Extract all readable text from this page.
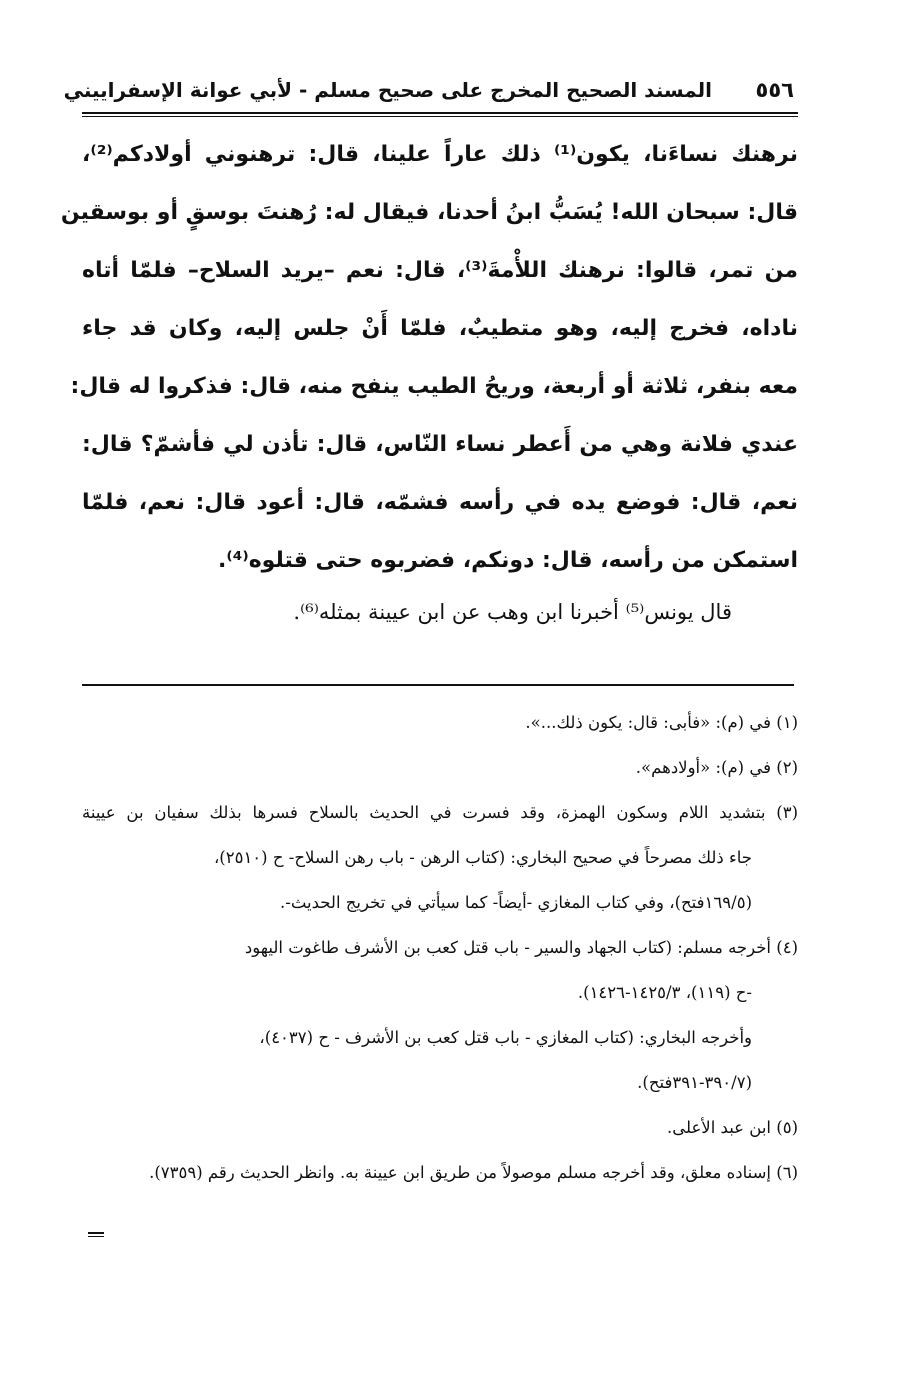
٥٥٦
المسند الصحيح المخرج على صحيح مسلم - لأبي عوانة الإسفراييني
نرهنك نساءَنا، يكون⁽¹⁾ ذلك عاراً علينا، قال: ترهنوني أولادكم⁽²⁾،
قال: سبحان الله! يُسَبُّ ابنُ أحدنا، فيقال له: رُهنتَ بوسقٍ أو بوسقين
من تمر، قالوا: نرهنك اللأْمةَ⁽³⁾، قال: نعم –يريد السلاح– فلمّا أتاه
ناداه، فخرج إليه، وهو متطيبٌ، فلمّا أَنْ جلس إليه، وكان قد جاء
معه بنفر، ثلاثة أو أربعة، وريحُ الطيب ينفح منه، قال: فذكروا له قال:
عندي فلانة وهي من أَعطر نساء النّاس، قال: تأذن لي فأشمّ؟ قال:
نعم، قال: فوضع يده في رأسه فشمّه، قال: أعود قال: نعم، فلمّا
استمكن من رأسه، قال: دونكم، فضربوه حتى قتلوه⁽⁴⁾.
قال يونس⁽⁵⁾ أخبرنا ابن وهب عن ابن عيينة بمثله⁽⁶⁾.
(١) في (م): «فأبى: قال: يكون ذلك...».
(٢) في (م): «أولادهم».
(٣) بتشديد اللام وسكون الهمزة، وقد فسرت في الحديث بالسلاح فسرها بذلك سفيان بن عيينة
جاء ذلك مصرحاً في صحيح البخاري: (كتاب الرهن - باب رهن السلاح- ح (٢٥١٠)،
(١٦٩/٥فتح)، وفي كتاب المغازي -أيضاً- كما سيأتي في تخريج الحديث-.
(٤) أخرجه مسلم: (كتاب الجهاد والسير - باب قتل كعب بن الأشرف طاغوت اليهود
-ح (١١٩)، ١٤٢٥/٣-١٤٢٦).
وأخرجه البخاري: (كتاب المغازي - باب قتل كعب بن الأشرف - ح (٤٠٣٧)،
(٣٩٠/٧-٣٩١فتح).
(٥) ابن عبد الأعلى.
(٦) إسناده معلق، وقد أخرجه مسلم موصولاً من طريق ابن عيينة به. وانظر الحديث رقم (٧٣٥٩).
